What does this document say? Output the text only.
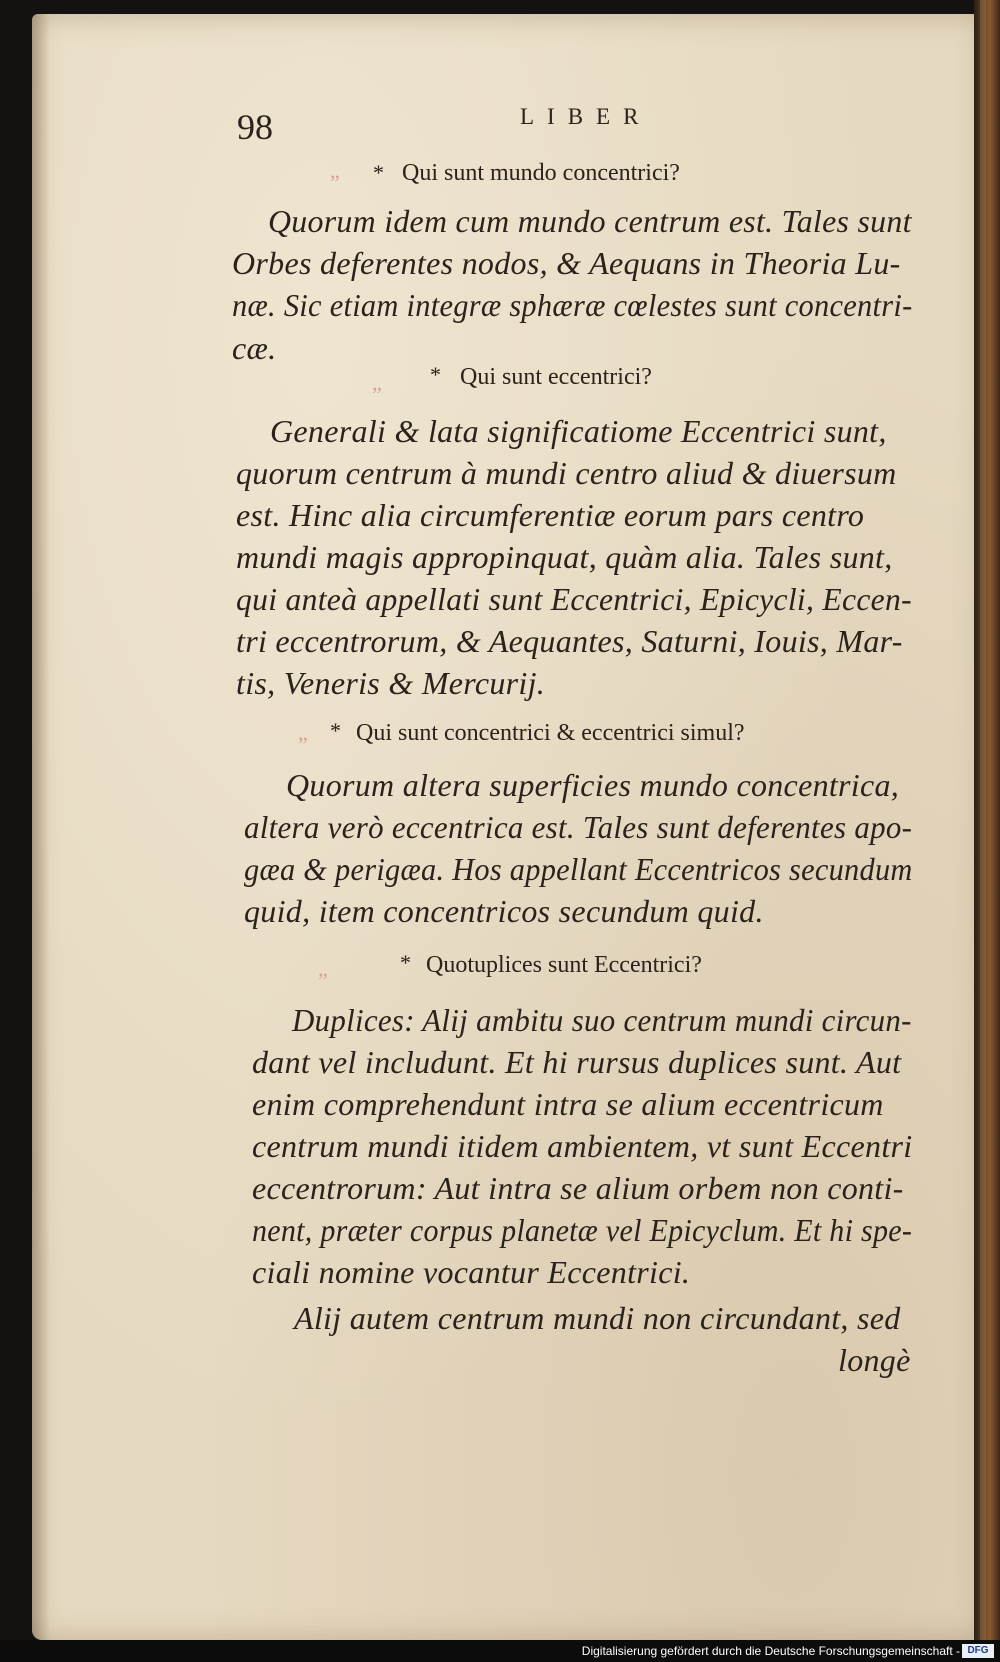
98	LIBER
„ * Qui sunt mundo concentrici?
Quorum idem cum mundo centrum est. Tales sunt
Orbes deferentes nodos, & Aequans in Theoria Lu-
næ. Sic etiam integræ sphæræ cœlestes sunt concentri-
cæ.
„ * Qui sunt eccentrici?
Generali & lata significatiome Eccentrici sunt,
quorum centrum à mundi centro aliud & diuersum
est. Hinc alia circumferentiæ eorum pars centro
mundi magis appropinquat, quàm alia. Tales sunt,
qui anteà appellati sunt Eccentrici, Epicycli, Eccen-
tri eccentrorum, & Aequantes, Saturni, Iouis, Mar-
tis, Veneris & Mercurij.
„ * Qui sunt concentrici & eccentrici simul?
Quorum altera superficies mundo concentrica,
altera verò eccentrica est. Tales sunt deferentes apo-
gæa & perigæa. Hos appellant Eccentricos secundum
quid, item concentricos secundum quid.
„	* Quotuplices sunt Eccentrici?
Duplices: Alij ambitu suo centrum mundi circun-
dant vel includunt. Et hi rursus duplices sunt. Aut
enim comprehendunt intra se alium eccentricum
centrum mundi itidem ambientem, vt sunt Eccentri
eccentrorum: Aut intra se alium orbem non conti-
nent, præter corpus planetæ vel Epicyclum. Et hi spe-
ciali nomine vocantur Eccentrici.
Alij autem centrum mundi non circundant, sed
longè
Digitalisierung gefördert durch die Deutsche Forschungsgemeinschaft - DFG
